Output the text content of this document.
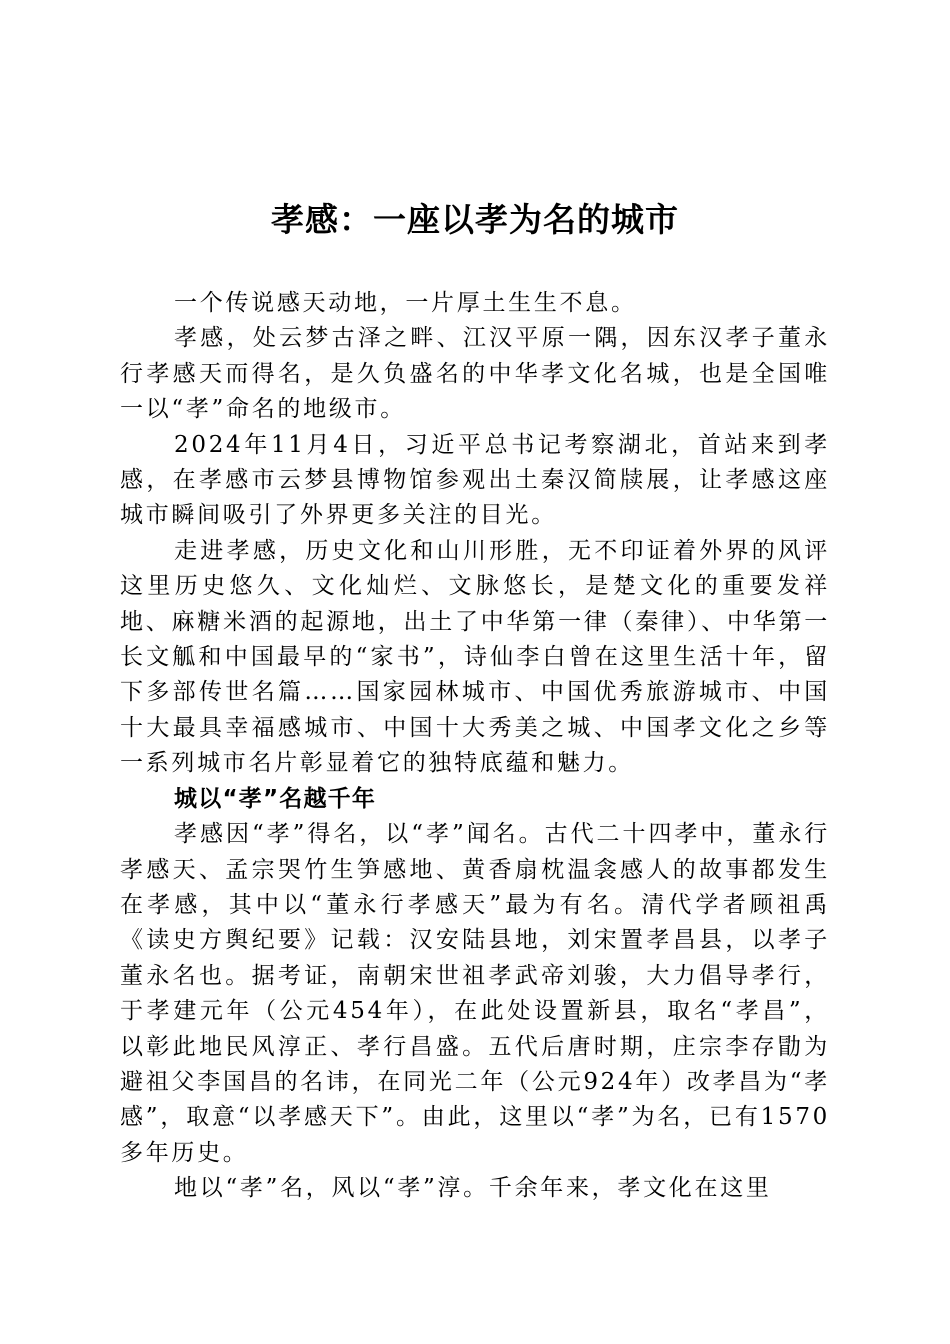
孝感：一座以孝为名的城市

一个传说感天动地，一片厚土生生不息。

孝感，处云梦古泽之畔、江汉平原一隅，因东汉孝子董永行孝感天而得名，是久负盛名的中华孝文化名城，也是全国唯一以“孝”命名的地级市。

2024年11月4日，习近平总书记考察湖北，首站来到孝感，在孝感市云梦县博物馆参观出土秦汉简牍展，让孝感这座城市瞬间吸引了外界更多关注的目光。

走进孝感，历史文化和山川形胜，无不印证着外界的风评这里历史悠久、文化灿烂、文脉悠长，是楚文化的重要发祥地、麻糖米酒的起源地，出土了中华第一律（秦律）、中华第一长文觚和中国最早的“家书”，诗仙李白曾在这里生活十年，留下多部传世名篇……国家园林城市、中国优秀旅游城市、中国十大最具幸福感城市、中国十大秀美之城、中国孝文化之乡等一系列城市名片彰显着它的独特底蕴和魅力。

城以“孝”名越千年

孝感因“孝”得名，以“孝”闻名。古代二十四孝中，董永行孝感天、孟宗哭竹生笋感地、黄香扇枕温衾感人的故事都发生在孝感，其中以“董永行孝感天”最为有名。清代学者顾祖禹《读史方舆纪要》记载：汉安陆县地，刘宋置孝昌县，以孝子董永名也。据考证，南朝宋世祖孝武帝刘骏，大力倡导孝行，于孝建元年（公元454年），在此处设置新县，取名“孝昌”，以彰此地民风淳正、孝行昌盛。五代后唐时期，庄宗李存勖为避祖父李国昌的名讳，在同光二年（公元924年）改孝昌为“孝感”，取意“以孝感天下”。由此，这里以“孝”为名，已有1570多年历史。

地以“孝”名，风以“孝”淳。千余年来，孝文化在这里
